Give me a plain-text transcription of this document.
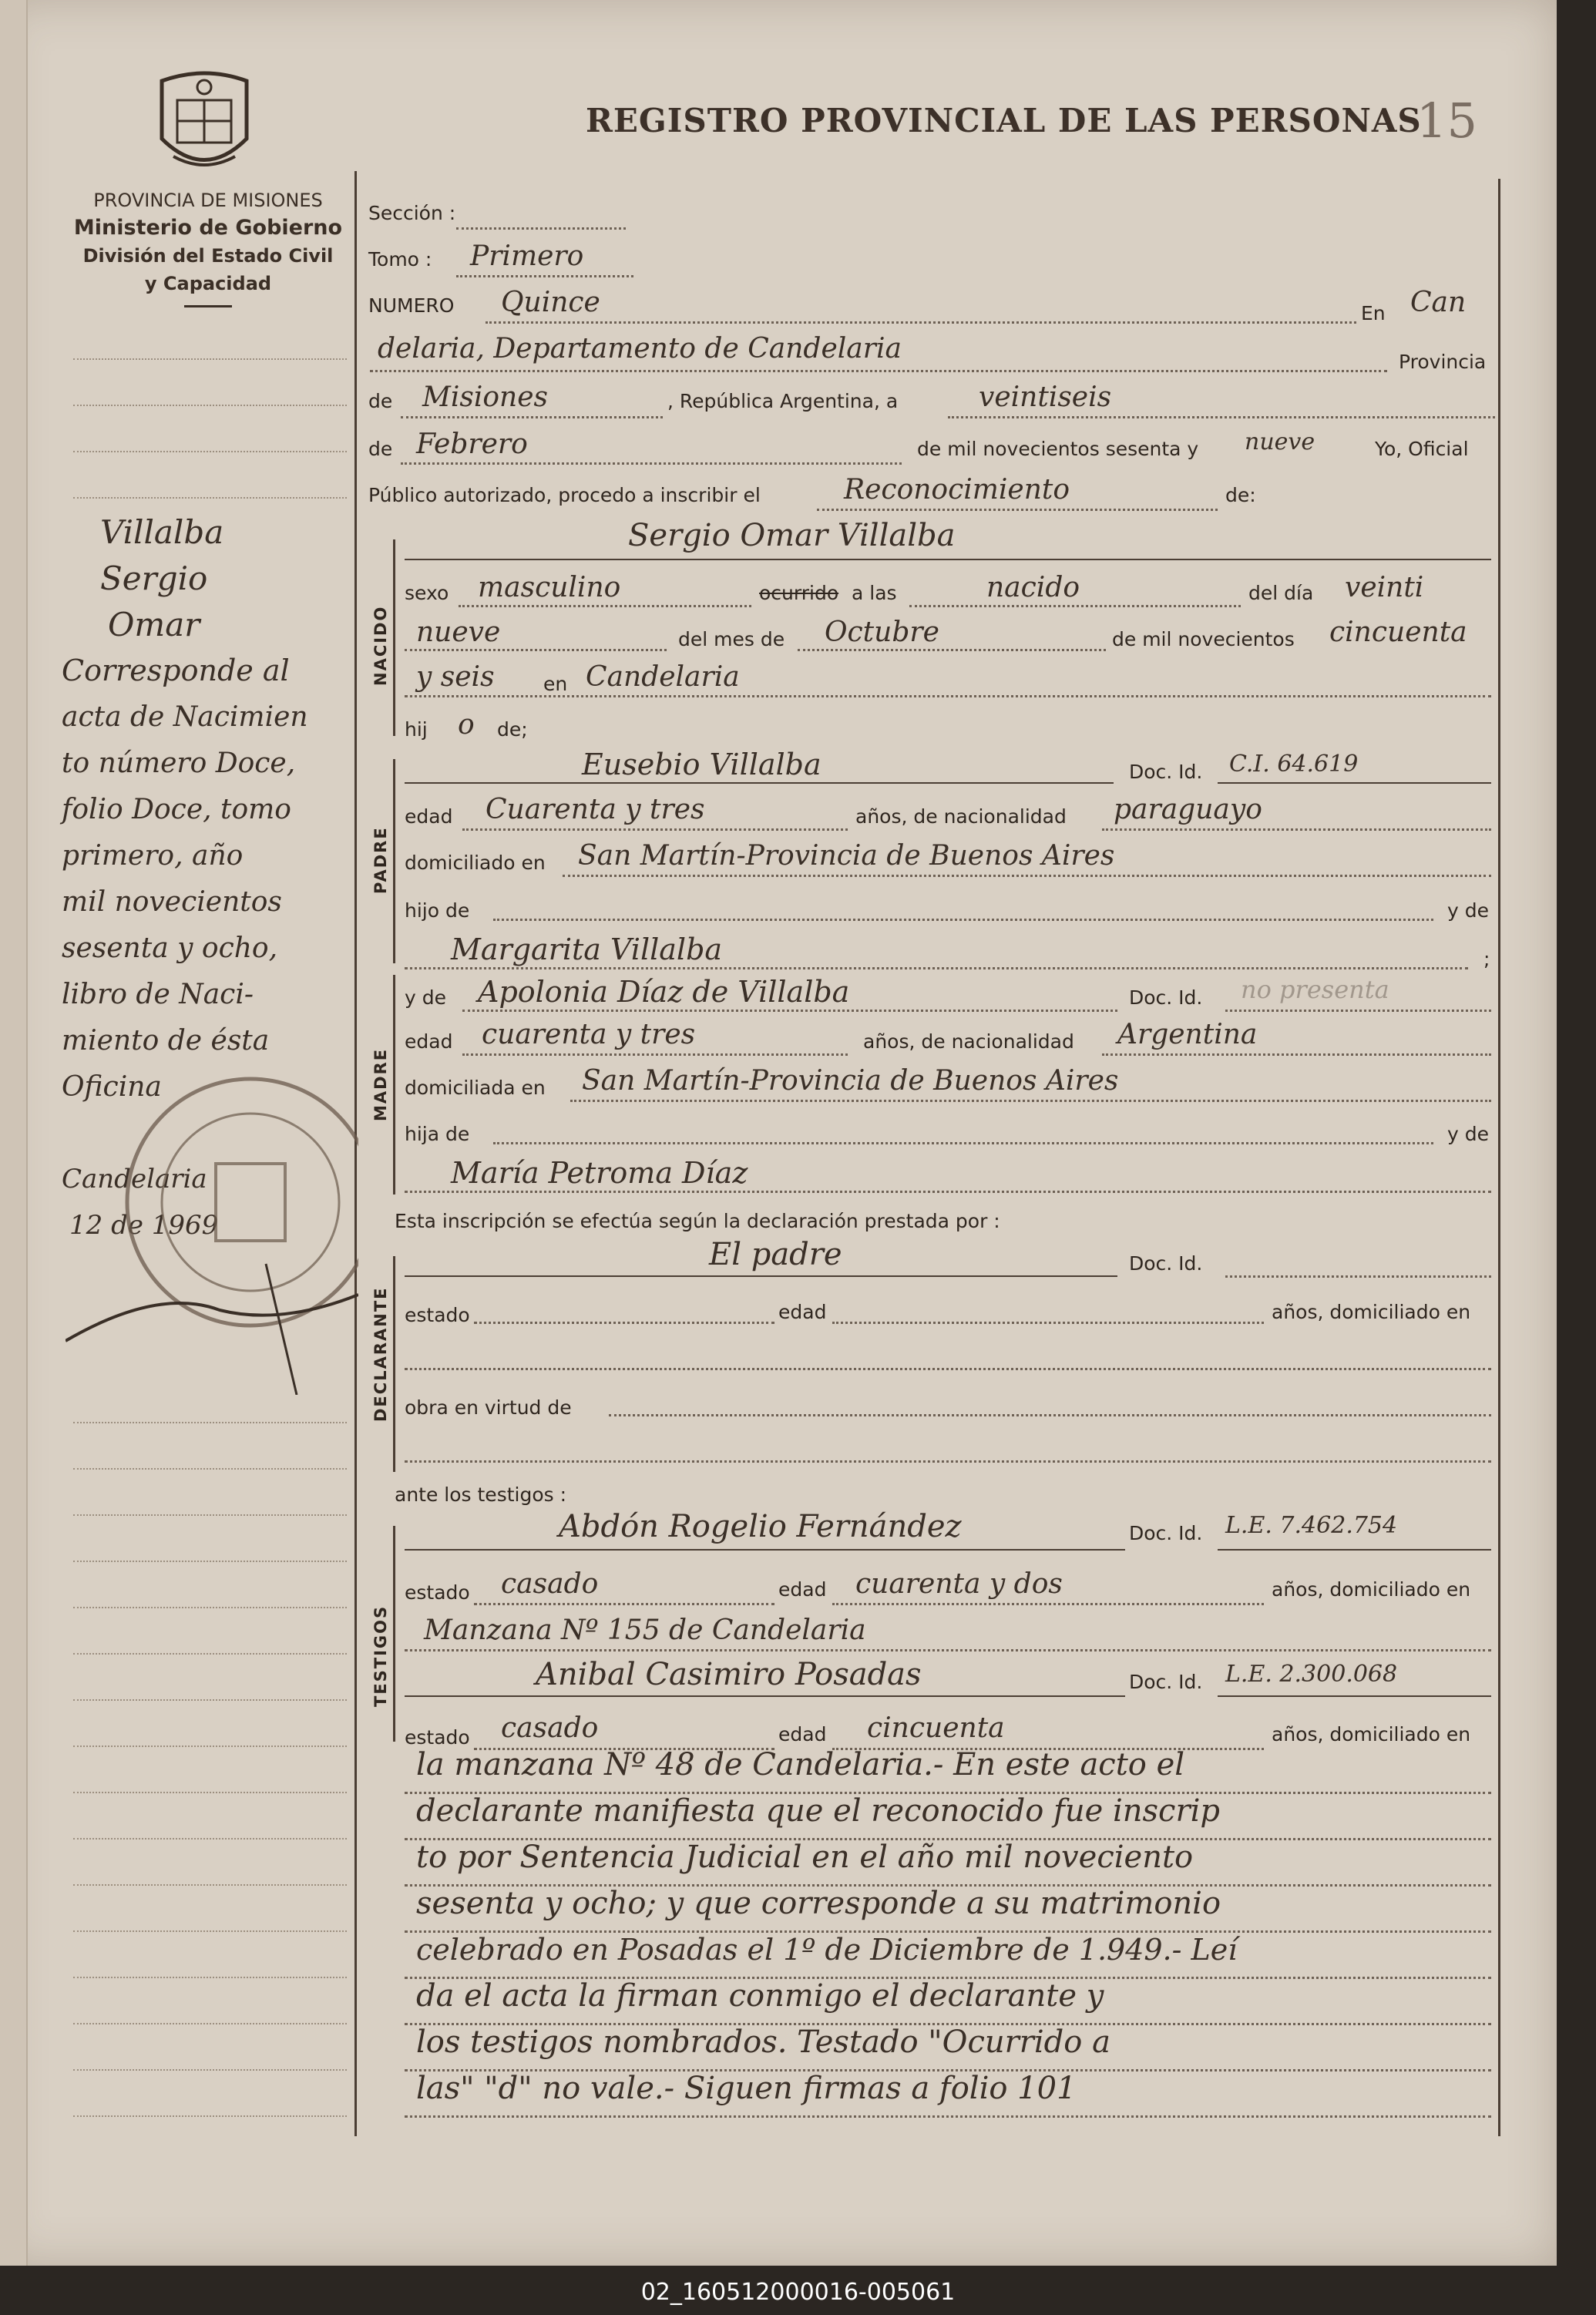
PROVINCIA DE MISIONES
Ministerio de Gobierno
División del Estado Civil
y Capacidad
REGISTRO PROVINCIAL DE LAS PERSONAS
15
Villalba
Sergio
Omar
Corresponde al
acta de Nacimien
to número Doce,
folio Doce, tomo
primero, año
mil novecientos
sesenta y ocho,
libro de Naci-
miento de ésta
Oficina
Candelaria
12 de 1969
Sección :
Tomo : Primero
NUMERO Quince	En Can
delaria, Departamento de Candelaria	Provincia
de Misiones	, República Argentina, a	veintiseis
de Febrero	de mil novecientos sesenta y nueve	Yo, Oficial
Público autorizado, procedo a inscribir el	Reconocimiento	de:
NACIDO
Sergio Omar Villalba
sexo masculino	ocurrido a las	nacido	del día veinti
nueve	del mes de Octubre	de mil novecientos cincuenta
y seis	en Candelaria
hij o de;
PADRE
Eusebio Villalba	Doc. Id. C.I. 64.619
edad Cuarenta y tres	años, de nacionalidad paraguayo
domiciliado en San Martín-Provincia de Buenos Aires
hijo de	y de
Margarita Villalba	;
MADRE
y de Apolonia Díaz de Villalba	Doc. Id. no presenta
edad cuarenta y tres	años, de nacionalidad Argentina
domiciliada en San Martín-Provincia de Buenos Aires
hija de	y de
María Petroma Díaz
Esta inscripción se efectúa según la declaración prestada por :
DECLARANTE
El padre	Doc. Id.
estado	edad	años, domiciliado en
obra en virtud de
ante los testigos :
TESTIGOS
Abdón Rogelio Fernández	Doc. Id. L.E. 7.462.754
estado casado	edad cuarenta y dos	años, domiciliado en
Manzana Nº 155 de Candelaria
Anibal Casimiro Posadas	Doc. Id. L.E. 2.300.068
estado casado	edad cincuenta	años, domiciliado en
la manzana Nº 48 de Candelaria.- En este acto el
declarante manifiesta que el reconocido fue inscrip
to por Sentencia Judicial en el año mil noveciento
sesenta y ocho; y que corresponde a su matrimonio
celebrado en Posadas el 1º de Diciembre de 1.949.- Leí
da el acta la firman conmigo el declarante y
los testigos nombrados. Testado "Ocurrido a
las" "d" no vale.- Siguen firmas a folio 101
02_160512000016-005061
